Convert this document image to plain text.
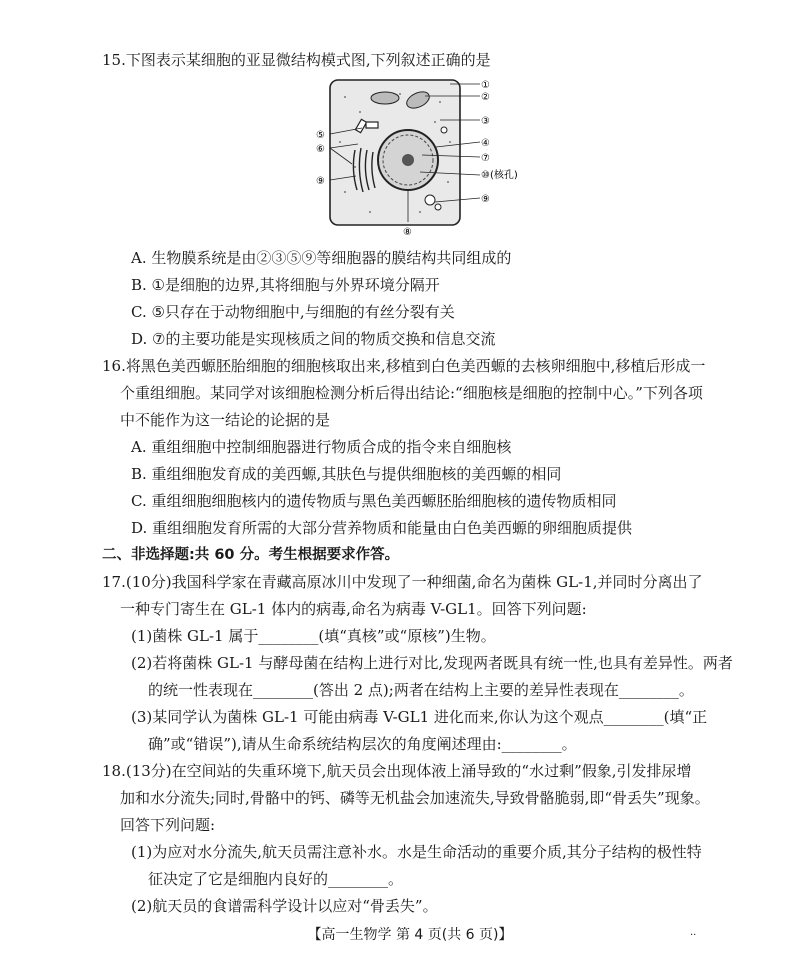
15.下图表示某细胞的亚显微结构模式图,下列叙述正确的是
①
②
③
④
⑦
⑩(核孔)
⑨
⑧
⑤
⑥
⑨
A. 生物膜系统是由②③⑤⑨等细胞器的膜结构共同组成的
B. ①是细胞的边界,其将细胞与外界环境分隔开
C. ⑤只存在于动物细胞中,与细胞的有丝分裂有关
D. ⑦的主要功能是实现核质之间的物质交换和信息交流
16.将黑色美西螈胚胎细胞的细胞核取出来,移植到白色美西螈的去核卵细胞中,移植后形成一
个重组细胞。某同学对该细胞检测分析后得出结论:“细胞核是细胞的控制中心。”下列各项
中不能作为这一结论的论据的是
A. 重组细胞中控制细胞器进行物质合成的指令来自细胞核
B. 重组细胞发育成的美西螈,其肤色与提供细胞核的美西螈的相同
C. 重组细胞细胞核内的遗传物质与黑色美西螈胚胎细胞核的遗传物质相同
D. 重组细胞发育所需的大部分营养物质和能量由白色美西螈的卵细胞质提供
二、非选择题:共 60 分。考生根据要求作答。
17.(10分)我国科学家在青藏高原冰川中发现了一种细菌,命名为菌株 GL-1,并同时分离出了
一种专门寄生在 GL-1 体内的病毒,命名为病毒 V-GL1。回答下列问题:
(1)菌株 GL-1 属于________(填“真核”或“原核”)生物。
(2)若将菌株 GL-1 与酵母菌在结构上进行对比,发现两者既具有统一性,也具有差异性。两者
的统一性表现在________(答出 2 点);两者在结构上主要的差异性表现在________。
(3)某同学认为菌株 GL-1 可能由病毒 V-GL1 进化而来,你认为这个观点________(填“正
确”或“错误”),请从生命系统结构层次的角度阐述理由:________。
18.(13分)在空间站的失重环境下,航天员会出现体液上涌导致的“水过剩”假象,引发排尿增
加和水分流失;同时,骨骼中的钙、磷等无机盐会加速流失,导致骨骼脆弱,即“骨丢失”现象。
回答下列问题:
(1)为应对水分流失,航天员需注意补水。水是生命活动的重要介质,其分子结构的极性特
征决定了它是细胞内良好的________。
(2)航天员的食谱需科学设计以应对“骨丢失”。
【高一生物学 第 4 页(共 6 页)】	··
